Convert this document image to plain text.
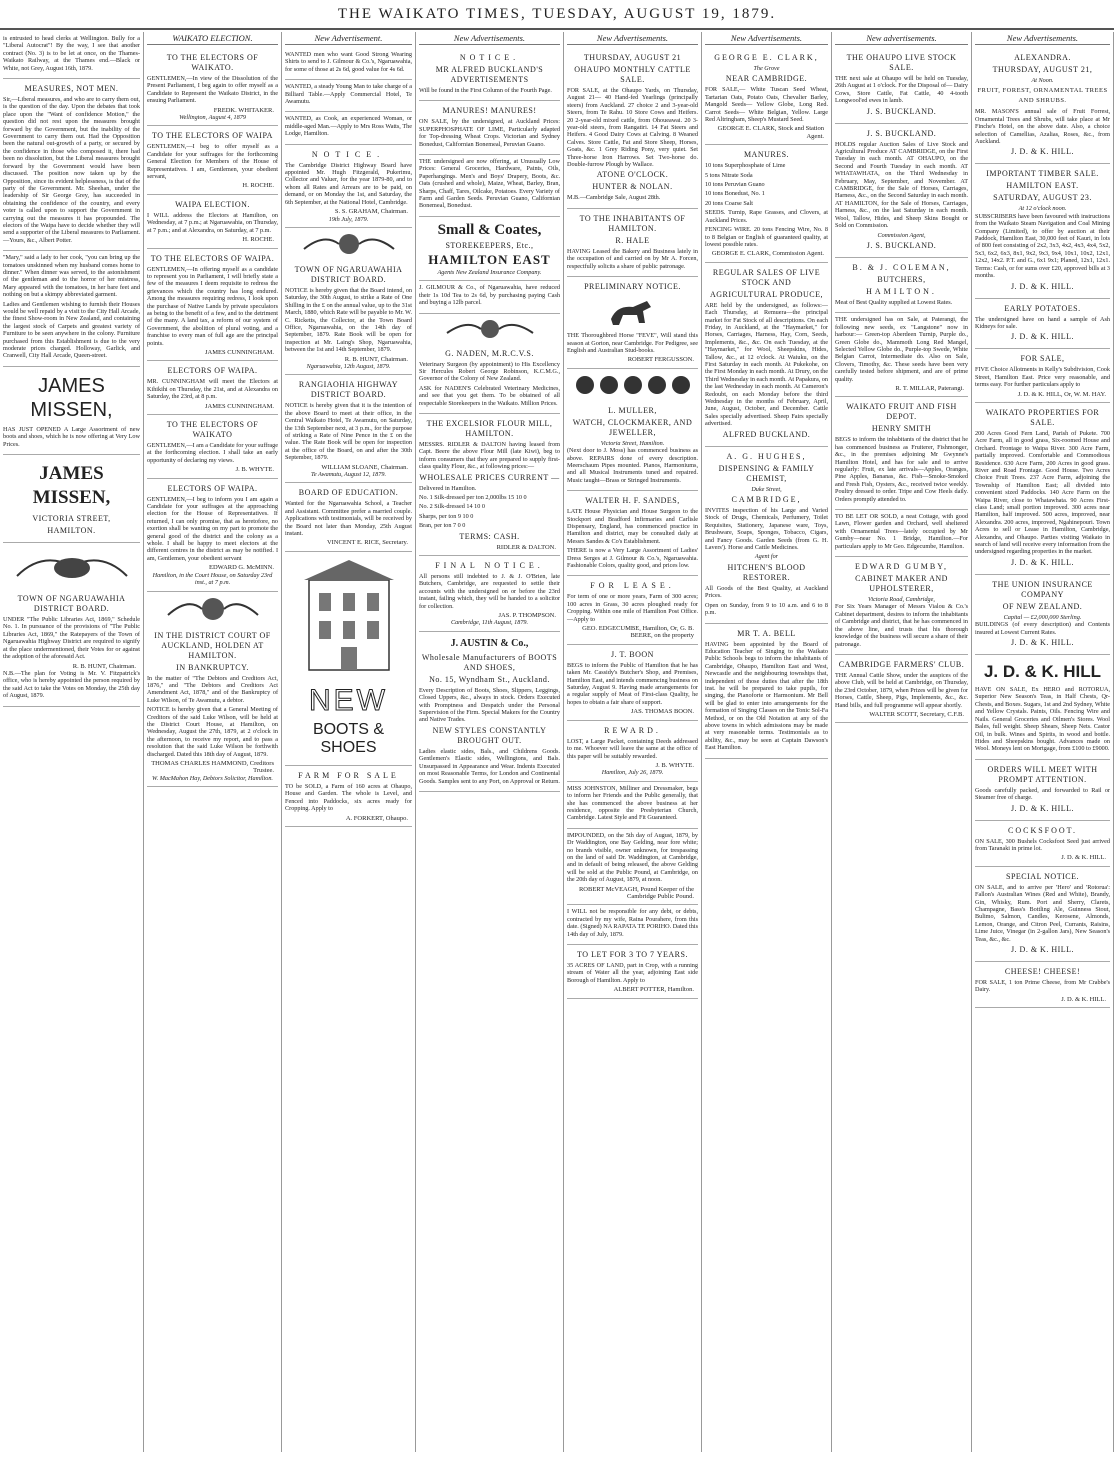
THE WAIKATO TIMES, TUESDAY, AUGUST 19, 1879.

is entrusted to head clerks at Wellington. Bully for a "Liberal Autocrat"! By the way, I see that another contract (No. 3) is to be let at once, on the Thames-Waikato Railway, at the Thames end.—Black or White, not Grey, August 16th, 1879.

MEASURES, NOT MEN.

Sir,—Liberal measures, and who are to carry them out, is the question of the day. Upon the debates that took place upon the "Want of confidence Motion," the question did not rest upon the measures brought forward by the Government, but the inability of the Government to carry them out. Had the Opposition been the natural out-growth of a party, or secured by the confidence in those who composed it, there had been no dissolution, but the Liberal measures brought forward by the Government would have been discussed. The position now taken up by the Opposition, since its evident helplessness, is that of the party of the Government. Mr. Sheehan, under the leadership of Sir George Grey, has succeeded in obtaining the confidence of the country, and every voter is called upon to support the Government in carrying out the measures it has propounded. The electors of the Waipa have to decide whether they will send a supporter of the Liberal measures to Parliament.—Yours, &c., Albert Potter.

"Mary," said a lady to her cook, "you can bring up the tomatoes unskinned when my husband comes home to dinner." When dinner was served, to the astonishment of the gentleman and to the horror of her mistress, Mary appeared with the tomatoes, in her bare feet and nothing on but a skimpy abbreviated garment.

Ladies and Gentlemen wishing to furnish their Houses would be well repaid by a visit to the City Hall Arcade, the finest Show-room in New Zealand, and containing the largest stock of Carpets and greatest variety of Furniture to be seen anywhere in the colony. Furniture purchased from this Establishment is due to the very moderate prices charged. Holloway, Garlick, and Cranwell, City Hall Arcade, Queen-street.

JAMES MISSEN,

HAS JUST OPENED A Large Assortment of new boots and shoes, which he is now offering at Very Low Prices.

JAMES MISSEN,
VICTORIA STREET,
HAMILTON.
TOWN OF NGARUAWAHIA DISTRICT BOARD.

UNDER "The Public Libraries Act, 1869," Schedule No. 1. In pursuance of the provisions of "The Public Libraries Act, 1869," the Ratepayers of the Town of Ngaruawahia Highway District are required to signify at the place undermentioned, their Votes for or against the adoption of the aforesaid Act.

R. B. HUNT, Chairman.

N.B.—The plan for Voting is Mr. V. Fitzpatrick's office, who is hereby appointed the person required by the said Act to take the Votes on Monday, the 25th day of August, 1879.

WAIKATO ELECTION.
TO THE ELECTORS OF WAIKATO.

GENTLEMEN,—In view of the Dissolution of the Present Parliament, I beg again to offer myself as a Candidate to Represent the Waikato District, in the ensuing Parliament.

FREDK. WHITAKER.
Wellington, August 4, 1879
TO THE ELECTORS OF WAIPA

GENTLEMEN,—I beg to offer myself as a Candidate for your suffrages for the forthcoming General Election for Members of the House of Representatives. I am, Gentlemen, your obedient servant,

H. ROCHE.
WAIPA ELECTION.

I WILL address the Electors at Hamilton, on Wednesday, at 7 p.m.; at Ngaruawahia, on Thursday, at 7 p.m.; and at Alexandra, on Saturday, at 7 p.m.

H. ROCHE.
TO THE ELECTORS OF WAIPA.

GENTLEMEN,—In offering myself as a candidate to represent you in Parliament, I will briefly state a few of the measures I deem requisite to redress the grievances which the country has long endured. Among the measures requiring redress, I look upon the purchase of Native Lands by private speculators as being to the benefit of a few, and to the detriment of the many. A land tax, a reform of our system of Government, the abolition of plural voting, and a franchise to every man of full age are the principal points.

JAMES CUNNINGHAM.
ELECTORS OF WAIPA.

MR. CUNNINGHAM will meet the Electors at Kihikihi on Thursday, the 21st, and at Alexandra on Saturday, the 23rd, at 8 p.m.

JAMES CUNNINGHAM.
TO THE ELECTORS OF WAIKATO

GENTLEMEN,—I am a Candidate for your suffrage at the forthcoming election. I shall take an early opportunity of declaring my views.

J. B. WHYTE.
ELECTORS OF WAIPA.

GENTLEMEN,—I beg to inform you I am again a Candidate for your suffrages at the approaching election for the House of Representatives. If returned, I can only promise, that as heretofore, no exertion shall be wanting on my part to promote the general good of the district and the colony as a whole. I shall be happy to meet electors at the different centres in the district as may be notified. I am, Gentlemen, your obedient servant

EDWARD G. McMINN.
Hamilton, in the Court House, on Saturday 23rd inst., at 7 p.m.
IN THE DISTRICT COURT OF AUCKLAND, HOLDEN AT HAMILTON.
IN BANKRUPTCY.

In the matter of "The Debtors and Creditors Act, 1876," and "The Debtors and Creditors Act Amendment Act, 1878," and of the Bankruptcy of Luke Wilson, of Te Awamutu, a debtor.

NOTICE is hereby given that a General Meeting of Creditors of the said Luke Wilson, will be held at the District Court House, at Hamilton, on Wednesday, August the 27th, 1879, at 2 o'clock in the afternoon, to receive my report, and to pass a resolution that the said Luke Wilson be forthwith discharged. Dated this 18th day of August, 1879.

THOMAS CHARLES HAMMOND, Creditors Trustee.
W. MacMahon Hay, Debtors Solicitor, Hamilton.
New Advertisement.

WANTED men who want Good Strong Wearing Shirts to send to J. Gilmour & Co.'s, Ngaruawahia, for some of those at 2s 6d, good value for 4s 6d.

WANTED, a steady Young Man to take charge of a Billiard Table.—Apply Commercial Hotel, Te Awamutu.

WANTED, as Cook, an experienced Woman, or middle-aged Man.—Apply to Mrs Ross Watts, The Lodge, Hamilton.

NOTICE.

The Cambridge District Highway Board have appointed Mr. Hugh Fitzgerald, Pukerimu, Collector and Valuer, for the year 1879-80, and to whom all Rates and Arrears are to be paid, on demand, or on Monday the 1st, and Saturday, the 6th September, at the National Hotel, Cambridge.

S. S. GRAHAM, Chairman.
19th July, 1879.
TOWN OF NGARUAWAHIA DISTRICT BOARD.

NOTICE is hereby given that the Board intend, on Saturday, the 30th August, to strike a Rate of One Shilling in the £ on the annual value, up to the 31st March, 1880, which Rate will be payable to Mr. W. C. Ricketts, the Collector, at the Town Board Office, Ngaruawahia, on the 14th day of September, 1879. Rate Book will be open for inspection at Mr. Laing's Shop, Ngaruawahia, between the 1st and 14th September, 1879.

R. B. HUNT, Chairman.
Ngaruawahia, 12th August, 1879.
RANGIAOHIA HIGHWAY DISTRICT BOARD.

NOTICE is hereby given that it is the intention of the above Board to meet at their office, in the Central Waikato Hotel, Te Awamutu, on Saturday, the 13th September next, at 3 p.m., for the purpose of striking a Rate of Nine Pence in the £ on the value. The Rate Book will be open for inspection at the office of the Board, on and after the 30th September, 1879.

WILLIAM SLOANE, Chairman.
Te Awamutu, August 12, 1879.
BOARD OF EDUCATION.

Wanted for the Ngaruawahia School, a Teacher and Assistant. Committee prefer a married couple. Applications with testimonials, will be received by the Board not later than Monday, 25th August instant.

VINCENT E. RICE, Secretary.
NEW
BOOTS & SHOES
FARM FOR SALE

TO be SOLD, a Farm of 160 acres at Ohaupo, House and Garden. The whole is Level, and Fenced into Paddocks, six acres ready for Cropping. Apply to

A. FORKERT, Ohaupo.
New Advertisements.
NOTICE.
MR ALFRED BUCKLAND'S ADVERTISEMENTS

Will be found in the First Column of the Fourth Page.

MANURES! MANURES!

ON SALE, by the undersigned, at Auckland Prices: SUPERPHOSPHATE OF LIME, Particularly adapted for Top-dressing Wheat Crops. Victorian and Sydney Bonedust, Californian Bonemeal, Peruvian Guano.

THE undersigned are now offering, at Unusually Low Prices: General Groceries, Hardware, Paints, Oils, Paperhangings. Men's and Boys' Drapery, Boots, &c. Oats (crushed and whole), Maize, Wheat, Barley, Bran, Sharps, Chaff, Tares, Oilcake, Potatoes. Every Variety of Farm and Garden Seeds. Peruvian Guano, Californian Bonemeal, Bonedust.

Small & Coates,
STOREKEEPERS, Etc.,
HAMILTON EAST
Agents New Zealand Insurance Company.

J. GILMOUR & Co., of Ngaruawahia, have reduced their 1s 10d Tea to 2s 6d, by purchasing paying Cash and buying a 12lb parcel.

G. NADEN, M.R.C.V.S.

Veterinary Surgeon (by appointment) to His Excellency Sir Hercules Robert George Robinson, K.C.M.G., Governor of the Colony of New Zealand.

ASK for NADEN'S Celebrated Veterinary Medicines, and see that you get them. To be obtained of all respectable Storekeepers in the Waikato. Million Prices.

THE EXCELSIOR FLOUR MILL, HAMILTON.

MESSRS. RIDLER & DALTON having leased from Capt. Beere the above Flour Mill (late Kiwi), beg to inform consumers that they are prepared to supply first-class quality Flour, &c., at following prices:—

WHOLESALE PRICES CURRENT —

Delivered in Hamilton.

No. 1 Silk-dressed per ton 2,000lbs 15 10 0

No. 2 Silk-dressed 14 10 0

Sharps, per ton 9 10 0

Bran, per ton 7 0 0

TERMS: CASH.
RIDLER & DALTON.
FINAL NOTICE.

All persons still indebted to J. & J. O'Brien, late Butchers, Cambridge, are requested to settle their accounts with the undersigned on or before the 23rd instant, failing which, they will be handed to a solicitor for collection.

JAS. P. THOMPSON.
Cambridge, 11th August, 1879.
J. AUSTIN & Co.,
Wholesale Manufacturers of BOOTS AND SHOES,
No. 15, Wyndham St., Auckland.

Every Description of Boots, Shoes, Slippers, Leggings, Closed Uppers, &c., always in stock. Orders Executed with Promptness and Despatch under the Personal Supervision of the Firm. Special Makers for the Country and Native Trades.

NEW STYLES CONSTANTLY BROUGHT OUT.

Ladies elastic sides, Bals., and Childrens Goods. Gentlemen's Elastic sides, Wellingtons, and Bals. Unsurpassed in Appearance and Wear. Indents Executed on most Reasonable Terms, for London and Continental Goods. Samples sent to any Port, on Approval or Return.

New Advertisements.
THURSDAY, AUGUST 21
OHAUPO MONTHLY CATTLE SALE.

FOR SALE, at the Ohaupo Yards, on Thursday, August 21— 40 Hand-fed Yearlings (principally steers) from Auckland. 27 choice 2 and 3-year-old Steers, from Te Rahu. 10 Store Cows and Heifers. 20 2-year-old mixed cattle, from Ohoueawai. 20 3-year-old steers, from Rangatiri. 14 Fat Steers and Heifers. 4 Good Dairy Cows at Calving. 8 Weaned Calves. Store Cattle, Fat and Store Sheep, Horses, Goats, &c. 1 Grey Riding Pony, very quiet. Set Three-horse Iron Harrows. Set Two-horse do. Double-furrow Plough by Wallace.

ATONE O'CLOCK.
HUNTER & NOLAN.

M.B.—Cambridge Sale, August 28th.

TO THE INHABITANTS OF HAMILTON.
R. HALE

HAVING Leased the Bakery and Business lately in the occupation of and carried on by Mr A. Forcen, respectfully solicits a share of public patronage.

PRELIMINARY NOTICE.

THE Thoroughbred Horse "FEVE", Will stand this season at Gorton, near Cambridge. For Pedigree, see English and Australian Stud-books.

ROBERT FERGUSSON.
L. MULLER,
WATCH, CLOCKMAKER, AND JEWELLER,
Victoria Street, Hamilton.

(Next door to J. Moss) has commenced business as above. REPAIRS done of every description. Meerschaum Pipes mounted. Pianos, Harmoniums, and all Musical Instruments tuned and repaired. Music taught—Brass or Stringed Instruments.

WALTER H. F. SANDES,

LATE House Physician and House Surgeon to the Stockport and Bradford Infirmaries and Carlisle Dispensary, England, has commenced practice in Hamilton and district, may be consulted daily at Messrs Sandes & Co's Establishment.

THERE is now a Very Large Assortment of Ladies' Dress Serges at J. Gilmour & Co.'s, Ngaruawahia. Fashionable Colors, quality good, and prices low.

FOR LEASE.

For term of one or more years, Farm of 300 acres; 100 acres in Grass, 30 acres ploughed ready for Cropping. Within one mile of Hamilton Post Office.—Apply to

GEO. EDGECUMBE, Hamilton, Or, G. B. BEERE, on the property
J. T. BOON

BEGS to inform the Public of Hamilton that he has taken Mr. Cassidy's Butcher's Shop, and Premises, Hamilton East, and intends commencing business on Saturday, August 9. Having made arrangements for a regular supply of Meat of First-class Quality, he hopes to obtain a fair share of support.

JAS. THOMAS BOON.
REWARD.

LOST, a Large Packet, containing Deeds addressed to me. Whoever will leave the same at the office of this paper will be suitably rewarded.

J. B. WHYTE.
Hamilton, July 26, 1879.

MISS JOHNSTON, Milliner and Dressmaker, begs to inform her Friends and the Public generally, that she has commenced the above business at her residence, opposite the Presbyterian Church, Cambridge. Latest Style and Fit Guaranteed.

IMPOUNDED, on the 5th day of August, 1879, by Dr Waddington, one Bay Gelding, near fore white; no brands visible, owner unknown, for trespassing on the land of said Dr. Waddington, at Cambridge, and in default of being released, the above Gelding will be sold at the Public Pound, at Cambridge, on the 20th day of August, 1879, at noon.

ROBERT McVEAGH, Pound Keeper of the Cambridge Public Pound.

I WILL not be responsible for any debt, or debts, contracted by my wife, Raina Pourahere, from this date. (Signed) NA RAPATA TE PORIHO. Dated this 14th day of July, 1879.

TO LET FOR 3 TO 7 YEARS.

35 ACRES OF LAND, part in Crop, with a running stream of Water all the year, adjoining East side Borough of Hamilton. Apply to

ALBERT POTTER, Hamilton.
New Advertisements.
GEORGE E. CLARK,
The Grove
NEAR CAMBRIDGE.

FOR SALE,— White Tuscan Seed Wheat, Tartarian Oats, Potato Oats, Chevalier Barley, Mangold Seeds— Yellow Globe, Long Red. Carrot Seeds— White Belgian, Yellow. Large Red Altringham, Sheep's Mustard Seed.

GEORGE E. CLARK, Stock and Station Agent.
MANURES.

10 tons Superphosphate of Lime

5 tons Nitrate Soda

10 tons Peruvian Guano

10 tons Bonedust, No. 1

20 tons Coarse Salt

SEEDS. Turnip, Rape Grasses, and Clovers, at Auckland Prices.

FENCING WIRE. 20 tons Fencing Wire, No. 8 to 8 Belgian or English of guaranteed quality, at lowest possible rates.

GEORGE E. CLARK, Commission Agent.
REGULAR SALES OF LIVE STOCK AND
AGRICULTURAL PRODUCE,

ARE held by the undersigned, as follows:— Each Thursday, at Remuera—the principal market for Fat Stock of all descriptions. On each Friday, in Auckland, at the "Haymarket," for Horses, Carriages, Harness, Hay, Corn, Seeds, Implements, &c., &c. On each Tuesday, at the "Haymarket," for Wool, Sheepskins, Hides, Tallow, &c., at 12 o'clock. At Waiuku, on the First Saturday in each month. At Pukekohe, on the First Monday in each month. At Drury, on the Third Wednesday in each month. At Papakura, on the last Wednesday in each month. At Cameron's Redoubt, on each Monday before the third Wednesday in the months of February, April, June, August, October, and December. Cattle Sales specially advertised. Sheep Fairs specially advertised.

ALFRED BUCKLAND.
A. G. HUGHES,
DISPENSING & FAMILY CHEMIST,
Duke Street,
CAMBRIDGE,

INVITES inspection of his Large and Varied Stock of Drugs, Chemicals, Perfumery, Toilet Requisites, Stationery, Japanese ware, Toys, Brushware, Soaps, Sponges, Tobacco, Cigars, and Fancy Goods. Garden Seeds (from G. H. Lavers'). Horse and Cattle Medicines.

Agent for
HITCHEN'S BLOOD RESTORER.

All Goods of the Best Quality, at Auckland Prices.

Open on Sunday, from 9 to 10 a.m. and 6 to 8 p.m.

MR T. A. BELL

HAVING been appointed by the Board of Education Teacher of Singing to the Waikato Public Schools begs to inform the inhabitants of Cambridge, Ohaupo, Hamilton East and West, Newcastle and the neighbouring townships that, independent of those duties that after the 18th inst. he will be prepared to take pupils, for singing, the Pianoforte or Harmonium. Mr Bell will be glad to enter into arrangements for the formation of Singing Classes on the Tonic Sol-Fa Method, or on the Old Notation at any of the above towns in which admissions may be made at very reasonable terms. Testimonials as to ability, &c., may be seen at Captain Dawson's East Hamilton.

New advertisements.
THE OHAUPO LIVE STOCK SALE.

THE next sale at Ohaupo will be held on Tuesday, 26th August at 1 o'clock. For the Disposal of— Dairy Cows, Store Cattle, Fat Cattle, 40 4-tooth Longwool'ed ewes in lamb.

J. S. BUCKLAND.
J. S. BUCKLAND.

HOLDS regular Auction Sales of Live Stock and Agricultural Produce AT CAMBRIDGE, on the First Tuesday in each month. AT OHAUPO, on the Second and Fourth Tuesday in each month. AT WHATAWHATA, on the Third Wednesday in February, May, September, and November. AT CAMBRIDGE, for the Sale of Horses, Carriages, Harness, &c., on the Second Saturday in each month. AT HAMILTON, for the Sale of Horses, Carriages, Harness, &c., on the last Saturday in each month. Wool, Tallow, Hides, and Sheep Skins Bought or Sold on Commission.

Commission Agent,
J. S. BUCKLAND.
B. & J. COLEMAN,
BUTCHERS,
HAMILTON.

Meat of Best Quality supplied at Lowest Rates.

THE undersigned has on Sale, at Paterangi, the following new seeds, ex "Langstone" now in harbour:— Green-top Aberdeen Turnip, Purple do., Green Globe do., Mammoth Long Red Mangel, Selected Yellow Globe do., Purple-top Swede, White Belgian Carrot, Intermediate do. Also on Sale, Clovers, Timothy, &c. These seeds have been very carefully tested before shipment, and are of prime quality.

R. T. MILLAR, Paterangi.
WAIKATO FRUIT AND FISH DEPOT.
HENRY SMITH

BEGS to inform the inhabitants of the district that he has commenced business as Fruiterer, Fishmonger, &c., in the premises adjoining Mr Gwynne's Hamilton Hotel, and has for sale and to arrive regularly: Fruit, ex late arrivals—Apples, Oranges, Pine Apples, Bananas, &c. Fish—Smoke-Smoked and Fresh Fish, Oysters, &c., received twice weekly. Poultry dressed to order. Tripe and Cow Heels daily. Orders promptly attended to.

TO BE LET OR SOLD, a neat Cottage, with good Lawn, Flower garden and Orchard, well sheltered with Ornamental Trees—lately occupied by Mr Gumby—near No. 1 Bridge, Hamilton.—For particulars apply to Mr Geo. Edgecumbe, Hamilton.

EDWARD GUMBY,
CABINET MAKER AND UPHOLSTERER,
Victoria Road, Cambridge,

For Six Years Manager of Messrs Vialou & Co.'s Cabinet department, desires to inform the inhabitants of Cambridge and district, that he has commenced in the above line, and trusts that his thorough knowledge of the business will secure a share of their patronage.

CAMBRIDGE FARMERS' CLUB.

THE Annual Cattle Show, under the auspices of the above Club, will be held at Cambridge, on Thursday, the 23rd October, 1879, when Prizes will be given for Horses, Cattle, Sheep, Pigs, Implements, &c., &c. Hand bills, and full programme will appear shortly.

WALTER SCOTT, Secretary, C.F.B.
New Advertisements.
ALEXANDRA.
THURSDAY, AUGUST 21,
At Noon.
FRUIT, FOREST, ORNAMENTAL TREES AND SHRUBS.

MR. MASON'S annual sale of Fruit Forrest, Ornamental Trees and Shrubs, will take place at Mr Finche's Hotel, on the above date. Also, a choice selection of Camellias, Azalias, Roses, &c., from Auckland.

J. D. & K. HILL.
IMPORTANT TIMBER SALE.
HAMILTON EAST.
SATURDAY, AUGUST 23.
At 12 o'clock noon.

SUBSCRIBERS have been favoured with instructions from the Waikato Steam Navigation and Coal Mining Company (Limited), to offer by auction at their Paddock, Hamilton East, 30,000 feet of Kauri, in lots of 800 feet consisting of 2x2, 3x3, 4x2, 4x3, 4x4, 5x2, 5x3, 6x2, 6x3, 8x1, 9x2, 9x3, 9x4, 10x1, 10x2, 12x1, 12x2, 14x2. P.T. and G., 6x1 9x1; Planed, 12x1, 12x1. Terms: Cash, or for sums over £20, approved bills at 3 months.

J. D. & K. HILL.
EARLY POTATOES.

The undersigned have on hand a sample of Ash Kidneys for sale.

J. D. & K. HILL.
FOR SALE,

FIVE Choice Allotments in Kelly's Subdivision, Cook Street, Hamilton East. Price very reasonable, and terms easy. For further particulars apply to

J. D. & K. HILL, Or, W. M. HAY.
WAIKATO PROPERTIES FOR SALE.

200 Acres Good Fern Land, Parish of Pukete. 700 Acre Farm, all in good grass, Six-roomed House and Orchard. Frontage to Waipa River. 300 Acre Farm, partially improved. Comfortable and Commodious Residence. 630 Acre Farm, 200 Acres in good grass. River and Road Frontage. Good House. Two Acres Choice Fruit Trees. 237 Acre Farm, adjoining the Township of Hamilton East; all divided into convenient sized Paddocks. 140 Acre Farm on the Waipa River, close to Whatawhata. 90 Acres First-class Land; small portion improved. 300 acres near Hamilton, half improved. 500 acres, improved, near Alexandra. 200 acres, improved, Ngahinepouri. Town Acres to sell or Lease in Hamilton, Cambridge, Alexandra, and Ohaupo. Parties visiting Waikato in search of land will receive every information from the undersigned regarding properties in the market.

J. D. & K. HILL.
THE UNION INSURANCE COMPANY
OF NEW ZEALAND.
Capital — £2,000,000 Sterling.

BUILDINGS (of every description) and Contents insured at Lowest Current Rates.

J. D. & K. HILL.
J. D. & K. HILL

HAVE ON SALE, Ex HERO and ROTORUA, Superior New Season's Teas, in Half Chests, Qr-Chests, and Boxes. Sugars, 1st and 2nd Sydney, White and Yellow Crystals. Paints, Oils. Fencing Wire and Nails. General Groceries and Oilmen's Stores. Wool Bales, full weight. Sheep Shears, Sheep Nets. Castor Oil, in bulk. Wines and Spirits, in wood and bottle. Hides and Sheepskins bought. Advances made on Wool. Moneys lent on Mortgage, from £100 to £9000.

ORDERS WILL MEET WITH PROMPT ATTENTION.

Goods carefully packed, and forwarded to Rail or Steamer free of charge.

J. D. & K. HILL.
COCKSFOOT.

ON SALE, 300 Bushels Cocksfoot Seed just arrived from Taranaki in prime lot.

J. D. & K. HILL.
SPECIAL NOTICE.

ON SALE, and to arrive per 'Hero' and 'Rotorua': Fallon's Australian Wines (Red and White), Brandy, Gin, Whisky, Rum. Port and Sherry, Clarets, Champagne, Bass's Bottling Ale, Guinness Stout, Bulimo, Salmon, Candles, Kerosene, Almonds, Lemon, Orange, and Citron Peel, Currants, Raisins, Lime Juice, Vinegar (in 2-gallon Jars), New Season's Teas, &c., &c.

J. D. & K. HILL.
CHEESE! CHEESE!

FOR SALE, 1 ton Prime Cheese, from Mr Crabbe's Dairy.

J. D. & K. HILL.
